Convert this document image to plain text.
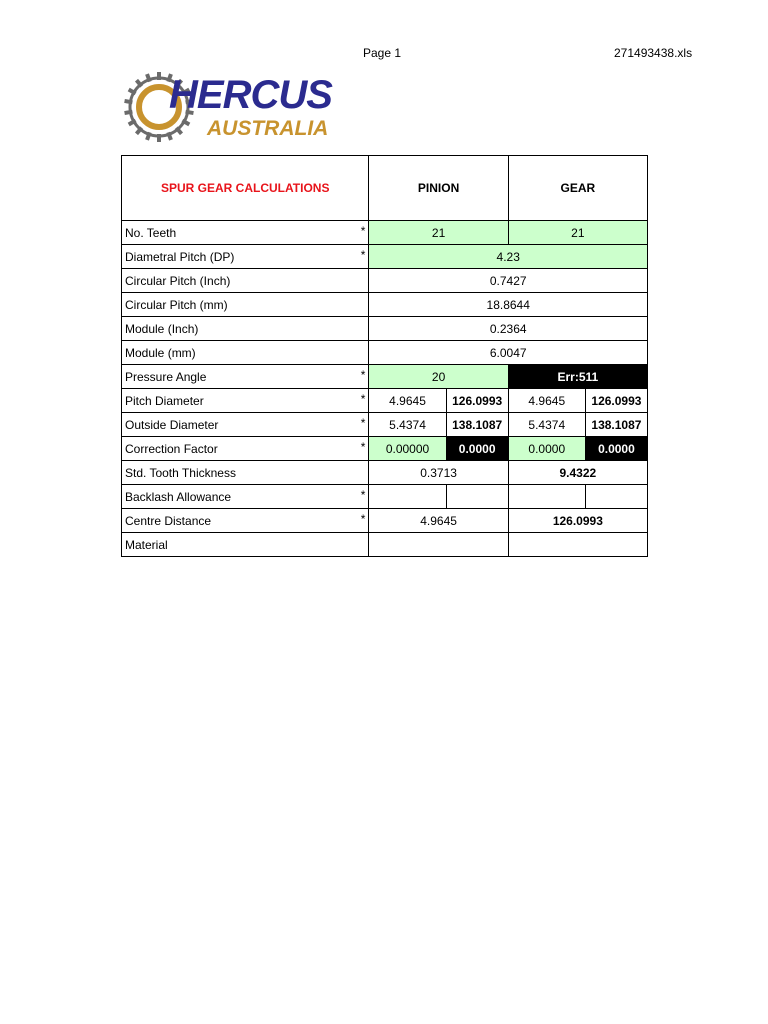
Page 1	271493438.xls
HERCUS
AUSTRALIA
SPUR GEAR CALCULATIONS	PINION		GEAR	
No. Teeth *	21		21	
Diametral Pitch (DP) *	4.23			
Circular Pitch (Inch)	0.7427			
Circular Pitch (mm)	18.8644			
Module (Inch)	0.2364			
Module (mm)	6.0047			
Pressure Angle *	20		Err:511	
Pitch Diameter *	4.9645	126.0993	4.9645	126.0993
Outside Diameter *	5.4374	138.1087	5.4374	138.1087
Correction Factor *	0.00000	0.0000	0.0000	0.0000
Std. Tooth Thickness	0.3713		9.4322	
Backlash Allowance *				

Centre Distance *	4.9645		126.0993	
Material				
